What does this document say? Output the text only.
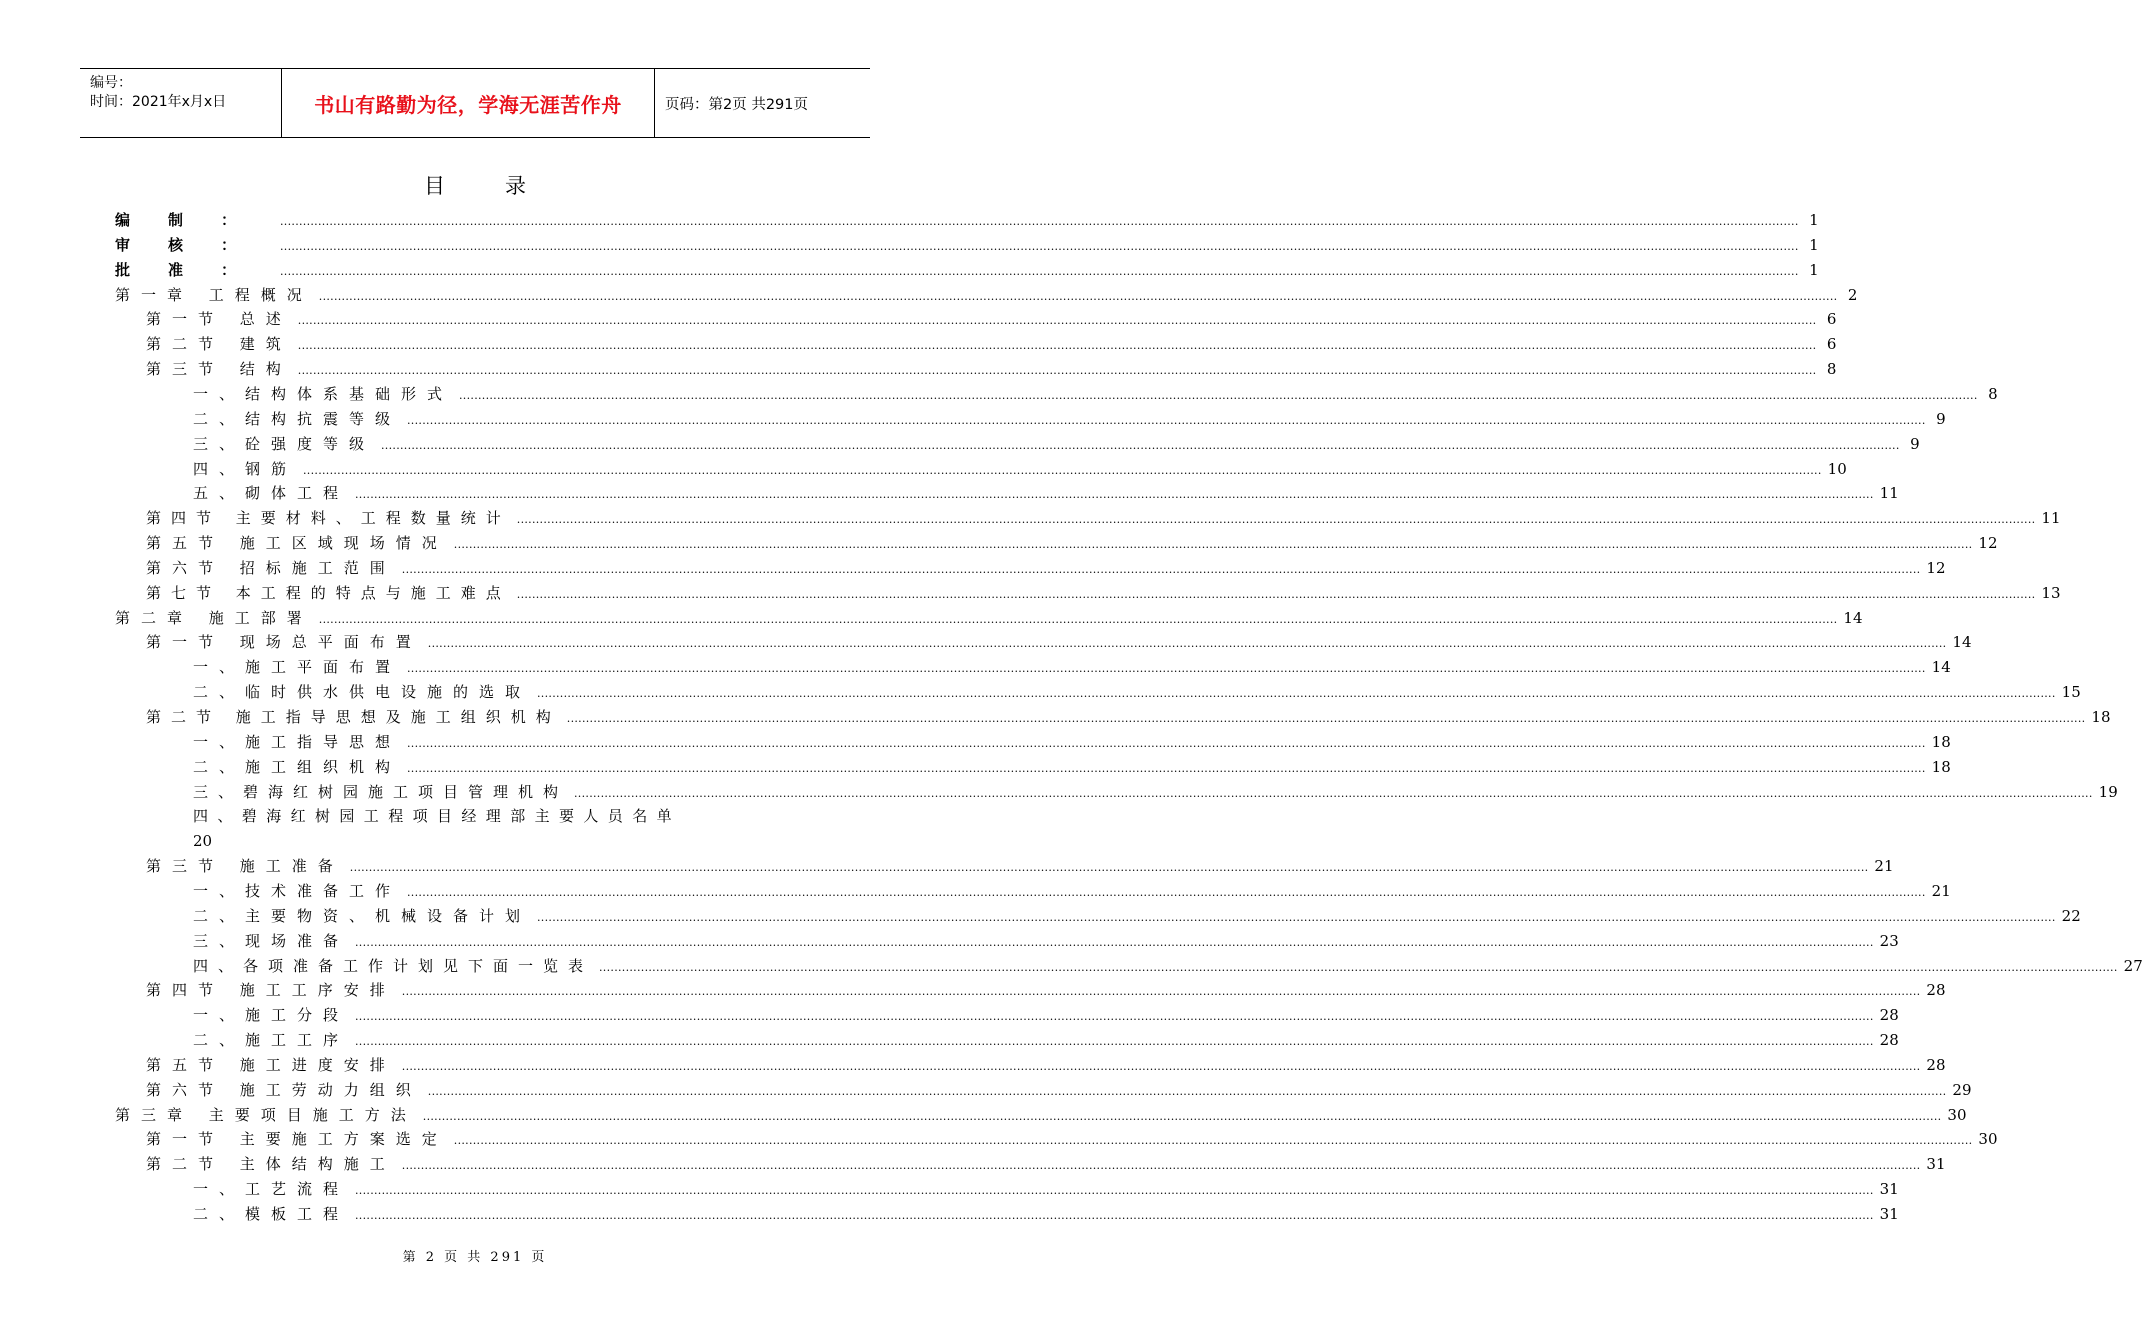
编号：
时间：2021年x月x日	书山有路勤为径，学海无涯苦作舟	页码：第2页 共291页
目录
编制： ................................................................................................................................................................................................................................................................................................................................................................................................................ 1
审核： ................................................................................................................................................................................................................................................................................................................................................................................................................ 1
批准： ................................................................................................................................................................................................................................................................................................................................................................................................................ 1
第一章 工程概况 ................................................................................................................................................................................................................................................................................................................................................................................................................ 2
第一节 总述 ................................................................................................................................................................................................................................................................................................................................................................................................................ 6
第二节 建筑 ................................................................................................................................................................................................................................................................................................................................................................................................................ 6
第三节 结构 ................................................................................................................................................................................................................................................................................................................................................................................................................ 8
一、结构体系基础形式 ................................................................................................................................................................................................................................................................................................................................................................................................................ 8
二、结构抗震等级 ................................................................................................................................................................................................................................................................................................................................................................................................................ 9
三、砼强度等级 ................................................................................................................................................................................................................................................................................................................................................................................................................ 9
四、钢筋 ................................................................................................................................................................................................................................................................................................................................................................................................................ 10
五、砌体工程 ................................................................................................................................................................................................................................................................................................................................................................................................................ 11
第四节 主要材料、工程数量统计 ................................................................................................................................................................................................................................................................................................................................................................................................................ 11
第五节 施工区域现场情况 ................................................................................................................................................................................................................................................................................................................................................................................................................ 12
第六节 招标施工范围 ................................................................................................................................................................................................................................................................................................................................................................................................................ 12
第七节 本工程的特点与施工难点 ................................................................................................................................................................................................................................................................................................................................................................................................................ 13
第二章 施工部署 ................................................................................................................................................................................................................................................................................................................................................................................................................ 14
第一节 现场总平面布置 ................................................................................................................................................................................................................................................................................................................................................................................................................ 14
一、施工平面布置 ................................................................................................................................................................................................................................................................................................................................................................................................................ 14
二、临时供水供电设施的选取 ................................................................................................................................................................................................................................................................................................................................................................................................................ 15
第二节 施工指导思想及施工组织机构 ................................................................................................................................................................................................................................................................................................................................................................................................................ 18
一、施工指导思想 ................................................................................................................................................................................................................................................................................................................................................................................................................ 18
二、施工组织机构 ................................................................................................................................................................................................................................................................................................................................................................................................................ 18
三、碧海红树园施工项目管理机构 ................................................................................................................................................................................................................................................................................................................................................................................................................ 19
四、碧海红树园工程项目经理部主要人员名单
20
第三节 施工准备 ................................................................................................................................................................................................................................................................................................................................................................................................................ 21
一、技术准备工作 ................................................................................................................................................................................................................................................................................................................................................................................................................ 21
二、主要物资、机械设备计划 ................................................................................................................................................................................................................................................................................................................................................................................................................ 22
三、现场准备 ................................................................................................................................................................................................................................................................................................................................................................................................................ 23
四、各项准备工作计划见下面一览表 ................................................................................................................................................................................................................................................................................................................................................................................................................ 27
第四节 施工工序安排 ................................................................................................................................................................................................................................................................................................................................................................................................................ 28
一、施工分段 ................................................................................................................................................................................................................................................................................................................................................................................................................ 28
二、施工工序 ................................................................................................................................................................................................................................................................................................................................................................................................................ 28
第五节 施工进度安排 ................................................................................................................................................................................................................................................................................................................................................................................................................ 28
第六节 施工劳动力组织 ................................................................................................................................................................................................................................................................................................................................................................................................................ 29
第三章 主要项目施工方法 ................................................................................................................................................................................................................................................................................................................................................................................................................ 30
第一节 主要施工方案选定 ................................................................................................................................................................................................................................................................................................................................................................................................................ 30
第二节 主体结构施工 ................................................................................................................................................................................................................................................................................................................................................................................................................ 31
一、工艺流程 ................................................................................................................................................................................................................................................................................................................................................................................................................ 31
二、模板工程 ................................................................................................................................................................................................................................................................................................................................................................................................................ 31
第 2 页 共 291 页
